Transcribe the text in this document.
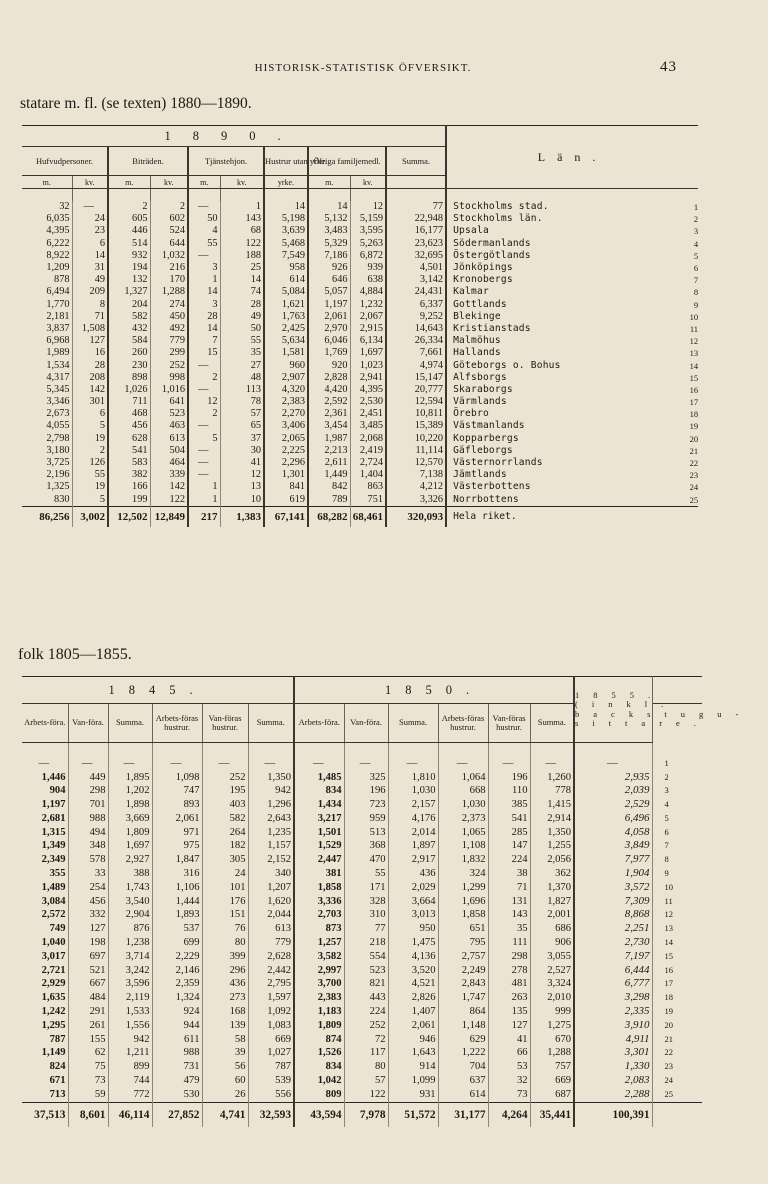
HISTORISK-STATISTISK ÖFVERSIKT.	43
statare m. fl. (se texten) 1880—1890.
1890.										Län.	
Hufvudpersoner.		Biträden.		Tjänstehjon.		Hustrur utan yrke.	Öfriga familjemedl.		Summa.		
m.	kv.	m.	kv.	m.	kv.	yrke.	m.	kv.			

32	—	2	2	—	1	14	14	12	77	Stockholms stad.	1
6,035	24	605	602	50	143	5,198	5,132	5,159	22,948	Stockholms län.	2
4,395	23	446	524	4	68	3,639	3,483	3,595	16,177	Upsala	3
6,222	6	514	644	55	122	5,468	5,329	5,263	23,623	Södermanlands	4
8,922	14	932	1,032	—	188	7,549	7,186	6,872	32,695	Östergötlands	5
1,209	31	194	216	3	25	958	926	939	4,501	Jönköpings	6
878	49	132	170	1	14	614	646	638	3,142	Kronobergs	7
6,494	209	1,327	1,288	14	74	5,084	5,057	4,884	24,431	Kalmar	8
1,770	8	204	274	3	28	1,621	1,197	1,232	6,337	Gottlands	9
2,181	71	582	450	28	49	1,763	2,061	2,067	9,252	Blekinge	10
3,837	1,508	432	492	14	50	2,425	2,970	2,915	14,643	Kristianstads	11
6,968	127	584	779	7	55	5,634	6,046	6,134	26,334	Malmöhus	12
1,989	16	260	299	15	35	1,581	1,769	1,697	7,661	Hallands	13
1,534	28	230	252	—	27	960	920	1,023	4,974	Göteborgs o. Bohus	14
4,317	208	898	998	2	48	2,907	2,828	2,941	15,147	Alfsborgs	15
5,345	142	1,026	1,016	—	113	4,320	4,420	4,395	20,777	Skaraborgs	16
3,346	301	711	641	12	78	2,383	2,592	2,530	12,594	Värmlands	17
2,673	6	468	523	2	57	2,270	2,361	2,451	10,811	Örebro	18
4,055	5	456	463	—	65	3,406	3,454	3,485	15,389	Västmanlands	19
2,798	19	628	613	5	37	2,065	1,987	2,068	10,220	Kopparbergs	20
3,180	2	541	504	—	30	2,225	2,213	2,419	11,114	Gäfleborgs	21
3,725	126	583	464	—	41	2,296	2,611	2,724	12,570	Västernorrlands	22
2,196	55	382	339	—	12	1,301	1,449	1,404	7,138	Jämtlands	23
1,325	19	166	142	1	13	841	842	863	4,212	Västerbottens	24
830	5	199	122	1	10	619	789	751	3,326	Norrbottens	25
86,256	3,002	12,502	12,849	217	1,383	67,141	68,282	68,461	320,093	Hela riket.	
folk 1805—1855.
1845.						1850.						1855. (inkl. backstugu-sittare.	
Arbets-föra.	Van-föra.	Summa.	Arbets-föras hustrur.	Van-föras hustrur.	Summa.	Arbets-föra.	Van-föra.	Summa.	Arbets-föras hustrur.	Van-föras hustrur.	Summa.		
—	—	—	—	—	—	—	—	—	—	—	—	—	1
1,446	449	1,895	1,098	252	1,350	1,485	325	1,810	1,064	196	1,260	2,935	2
904	298	1,202	747	195	942	834	196	1,030	668	110	778	2,039	3
1,197	701	1,898	893	403	1,296	1,434	723	2,157	1,030	385	1,415	2,529	4
2,681	988	3,669	2,061	582	2,643	3,217	959	4,176	2,373	541	2,914	6,496	5
1,315	494	1,809	971	264	1,235	1,501	513	2,014	1,065	285	1,350	4,058	6
1,349	348	1,697	975	182	1,157	1,529	368	1,897	1,108	147	1,255	3,849	7
2,349	578	2,927	1,847	305	2,152	2,447	470	2,917	1,832	224	2,056	7,977	8
355	33	388	316	24	340	381	55	436	324	38	362	1,904	9
1,489	254	1,743	1,106	101	1,207	1,858	171	2,029	1,299	71	1,370	3,572	10
3,084	456	3,540	1,444	176	1,620	3,336	328	3,664	1,696	131	1,827	7,309	11
2,572	332	2,904	1,893	151	2,044	2,703	310	3,013	1,858	143	2,001	8,868	12
749	127	876	537	76	613	873	77	950	651	35	686	2,251	13
1,040	198	1,238	699	80	779	1,257	218	1,475	795	111	906	2,730	14
3,017	697	3,714	2,229	399	2,628	3,582	554	4,136	2,757	298	3,055	7,197	15
2,721	521	3,242	2,146	296	2,442	2,997	523	3,520	2,249	278	2,527	6,444	16
2,929	667	3,596	2,359	436	2,795	3,700	821	4,521	2,843	481	3,324	6,777	17
1,635	484	2,119	1,324	273	1,597	2,383	443	2,826	1,747	263	2,010	3,298	18
1,242	291	1,533	924	168	1,092	1,183	224	1,407	864	135	999	2,335	19
1,295	261	1,556	944	139	1,083	1,809	252	2,061	1,148	127	1,275	3,910	20
787	155	942	611	58	669	874	72	946	629	41	670	4,911	21
1,149	62	1,211	988	39	1,027	1,526	117	1,643	1,222	66	1,288	3,301	22
824	75	899	731	56	787	834	80	914	704	53	757	1,330	23
671	73	744	479	60	539	1,042	57	1,099	637	32	669	2,083	24
713	59	772	530	26	556	809	122	931	614	73	687	2,288	25
37,513	8,601	46,114	27,852	4,741	32,593	43,594	7,978	51,572	31,177	4,264	35,441	100,391	
